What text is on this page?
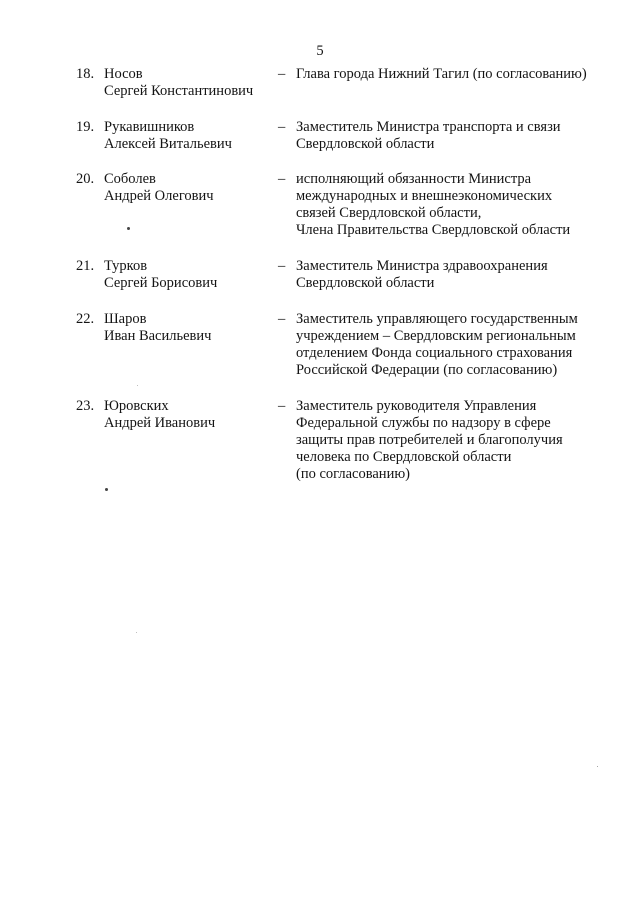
5
18. Носов
Сергей Константинович
– Глава города Нижний Тагил (по согласованию)
19. Рукавишников
Алексей Витальевич
– Заместитель Министра транспорта и связи
Свердловской области
20. Соболев
Андрей Олегович
– исполняющий обязанности Министра
международных и внешнеэкономических
связей Свердловской области,
Члена Правительства Свердловской области
21. Турков
Сергей Борисович
– Заместитель Министра здравоохранения
Свердловской области
22. Шаров
Иван Васильевич
– Заместитель управляющего государственным
учреждением – Свердловским региональным
отделением Фонда социального страхования
Российской Федерации (по согласованию)
23. Юровских
Андрей Иванович
– Заместитель руководителя Управления
Федеральной службы по надзору в сфере
защиты прав потребителей и благополучия
человека по Свердловской области
(по согласованию)
